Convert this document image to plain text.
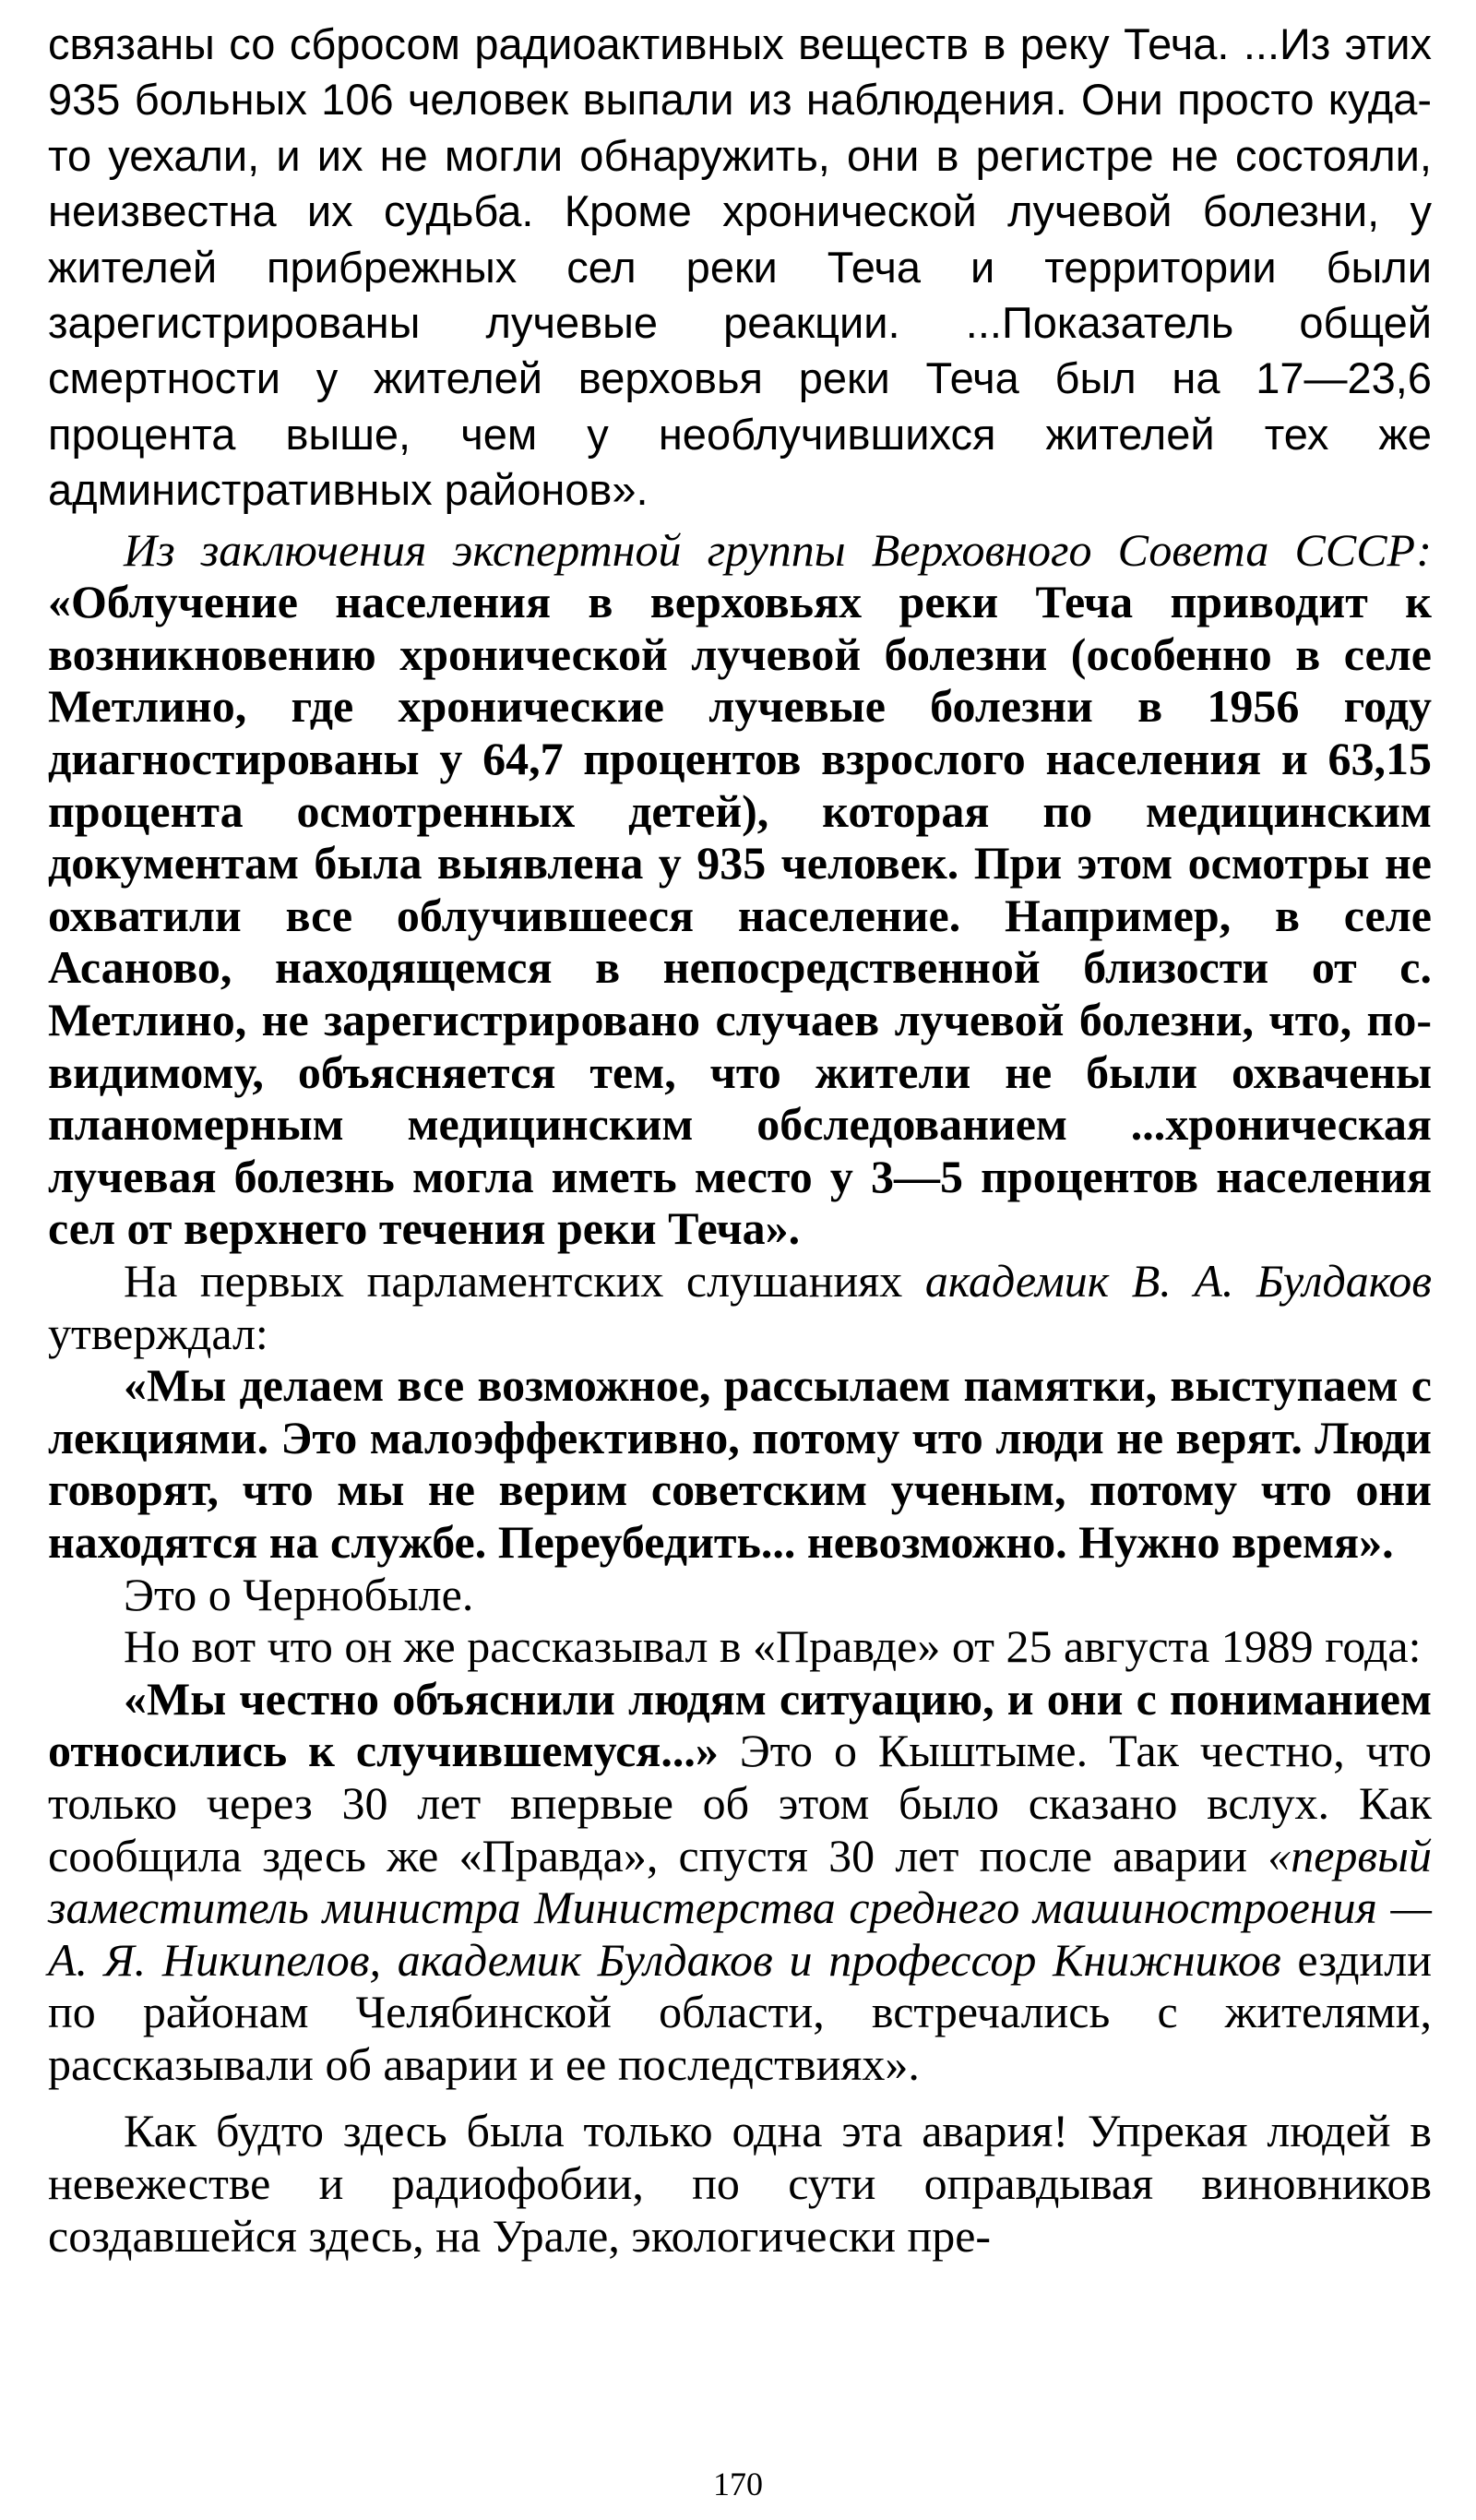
связаны со сбросом радиоактивных веществ в реку Теча. ...Из этих 935 больных 106 человек выпали из наблюдения. Они просто куда-то уехали, и их не могли обнаружить, они в регистре не состояли, неизвестна их судьба. Кроме хронической лучевой болезни, у жителей прибрежных сел реки Теча и территории были зарегистрированы лучевые реакции. ...Показатель общей смертности у жителей верховья реки Теча был на 17—23,6 процента выше, чем у необлучившихся жителей тех же административных районов».

Из заключения экспертной группы Верховного Совета СССР: «Облучение населения в верховьях реки Теча приводит к возникновению хронической лучевой болезни (особенно в селе Метлино, где хронические лучевые болезни в 1956 году диагностированы у 64,7 процентов взрослого населения и 63,15 процента осмотренных детей), которая по медицинским документам была выявлена у 935 человек. При этом осмотры не охватили все облучившееся население. Например, в селе Асаново, находящемся в непосредственной близости от с. Метлино, не зарегистрировано случаев лучевой болезни, что, по-видимому, объясняется тем, что жители не были охвачены планомерным медицинским обследованием ...хроническая лучевая болезнь могла иметь место у 3—5 процентов населения сел от верхнего течения реки Теча».

На первых парламентских слушаниях академик В. А. Булдаков утверждал:

«Мы делаем все возможное, рассылаем памятки, выступаем с лекциями. Это малоэффективно, потому что люди не верят. Люди говорят, что мы не верим советским ученым, потому что они находятся на службе. Переубедить... невозможно. Нужно время».

Это о Чернобыле.

Но вот что он же рассказывал в «Правде» от 25 августа 1989 года:

«Мы честно объяснили людям ситуацию, и они с пониманием относились к случившемуся...» Это о Кыштыме. Так честно, что только через 30 лет впервые об этом было сказано вслух. Как сообщила здесь же «Правда», спустя 30 лет после аварии «первый заместитель министра Министерства среднего машиностроения — А. Я. Никипелов, академик Булдаков и профессор Книжников ездили по районам Челябинской области, встречались с жителями, рассказывали об аварии и ее последствиях».

Как будто здесь была только одна эта авария! Упрекая людей в невежестве и радиофобии, по сути оправдывая виновников создавшейся здесь, на Урале, экологически пре-

170
